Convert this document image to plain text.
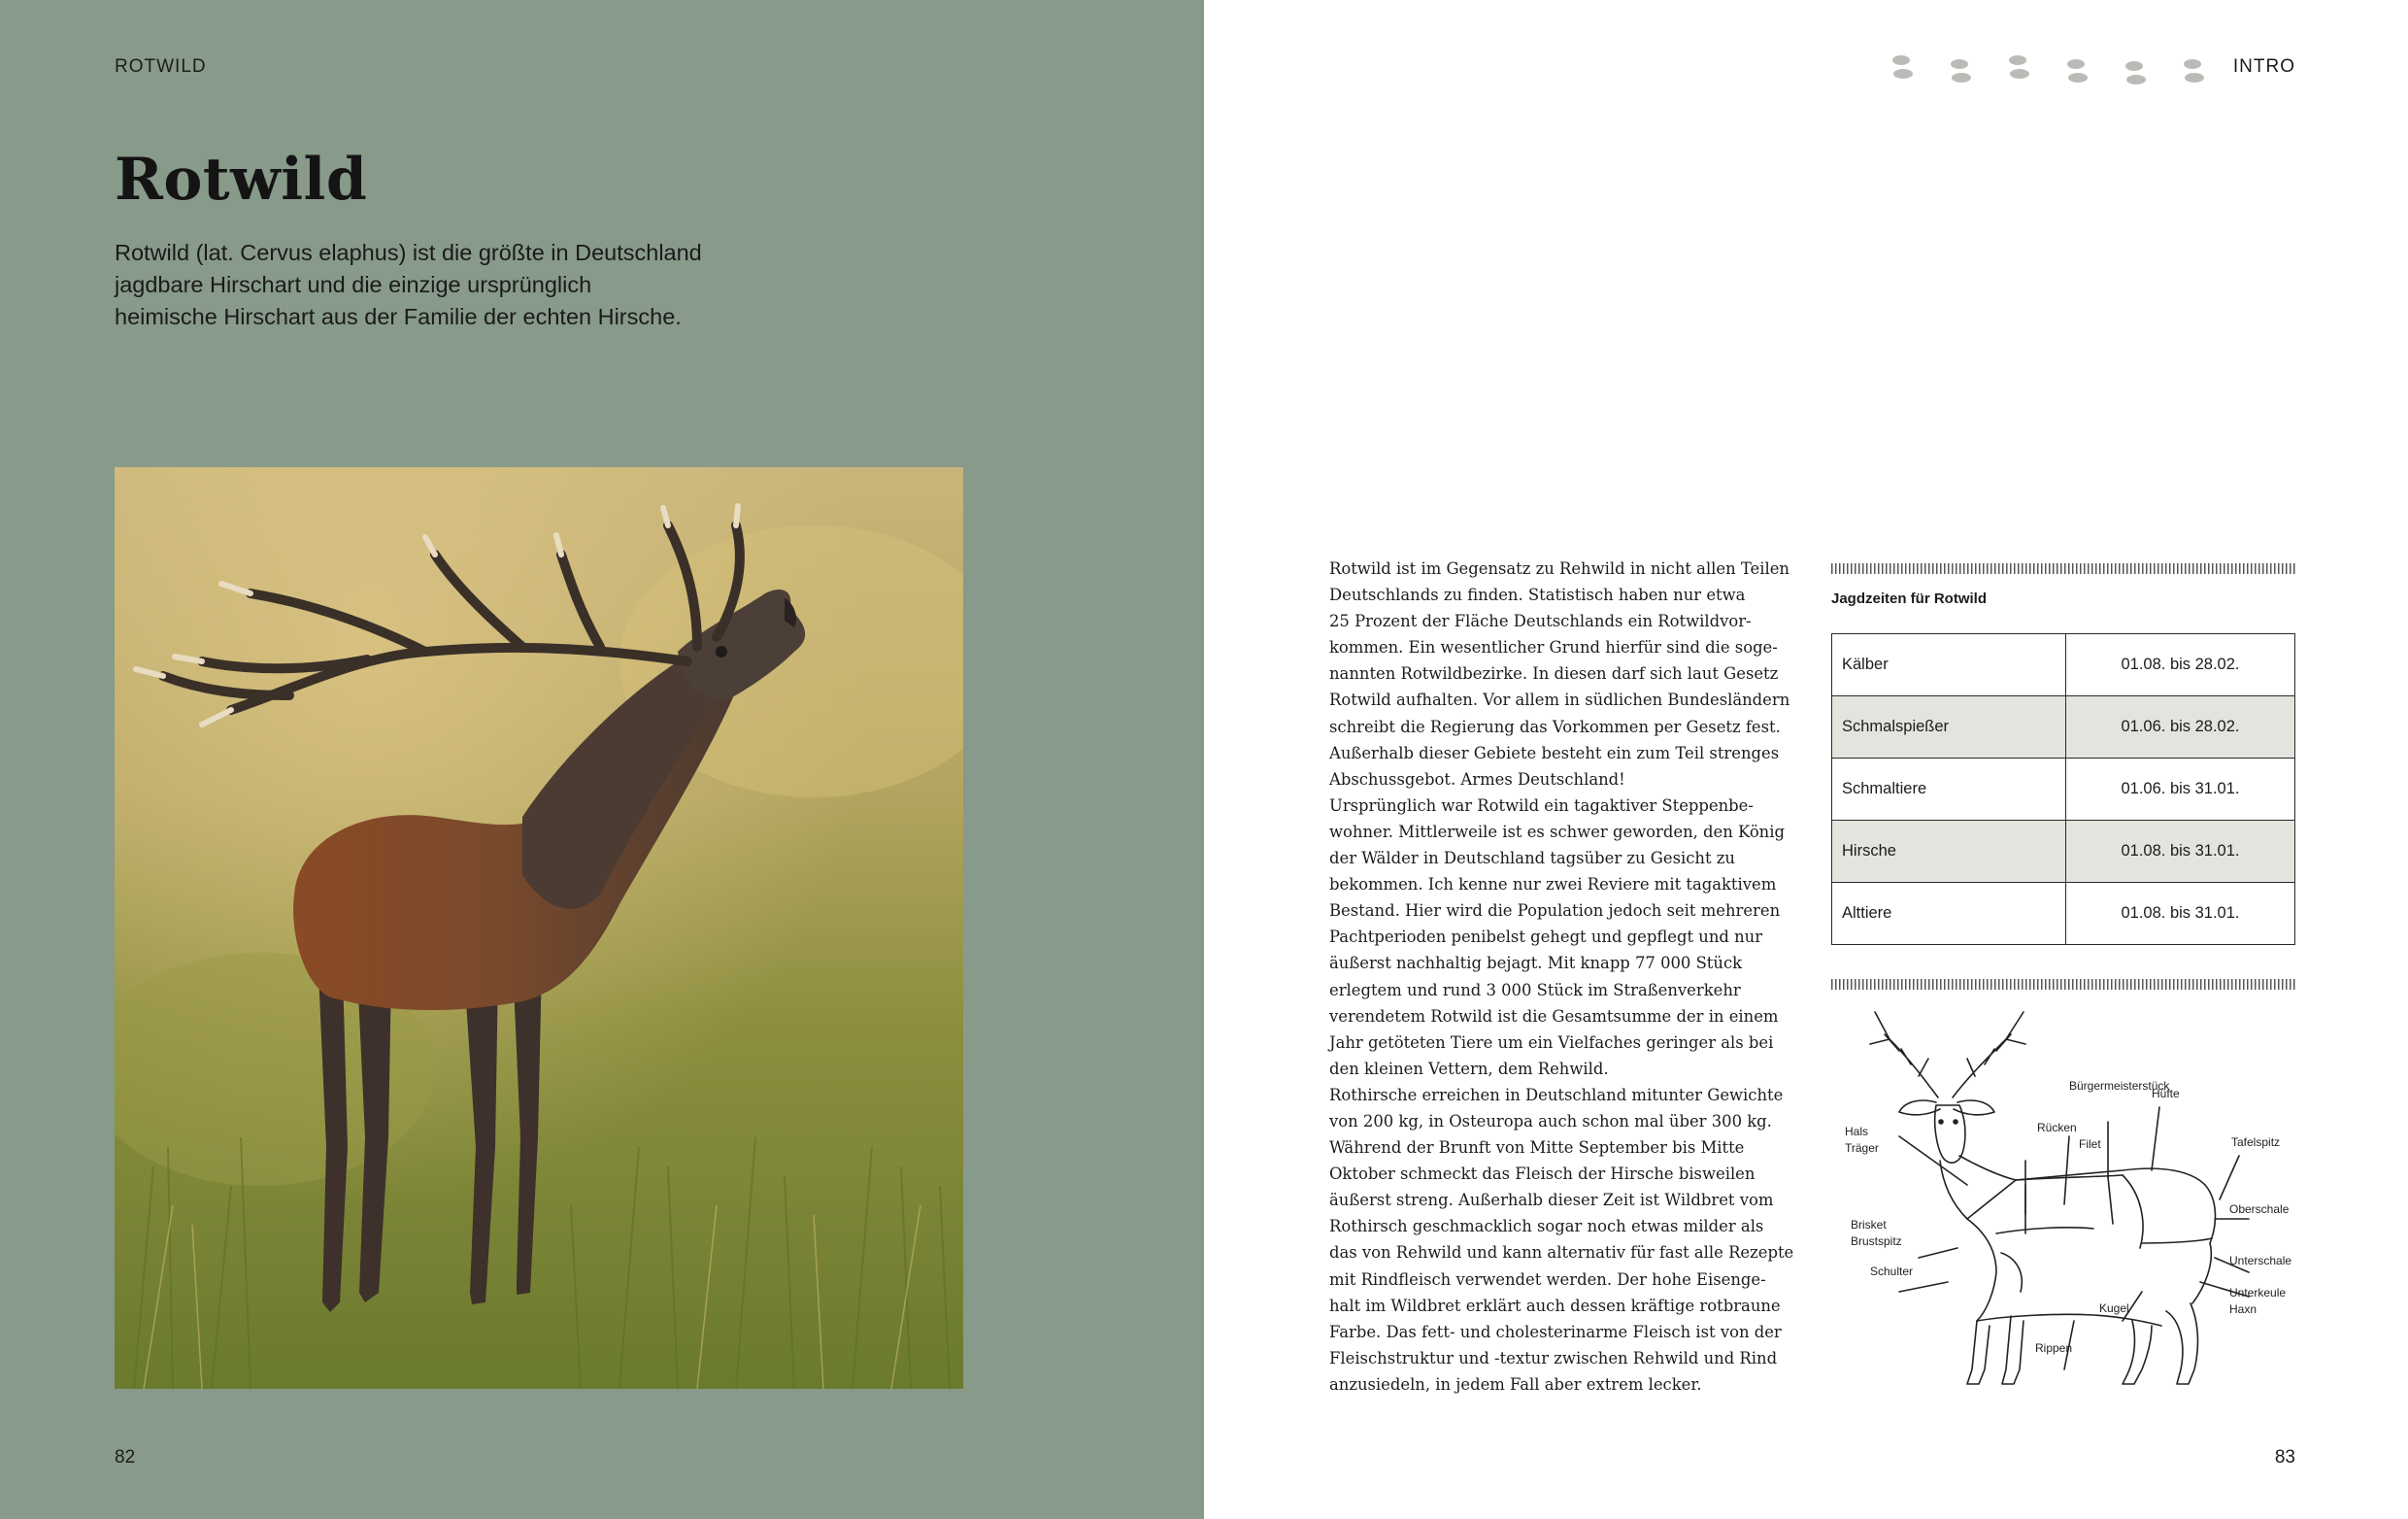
ROTWILD
Rotwild

Rotwild (lat. Cervus elaphus) ist die größte in Deutschland
jagdbare Hirschart und die einzige ursprünglich
heimische Hirschart aus der Familie der echten Hirsche.

82
INTRO

Rotwild ist im Gegensatz zu Rehwild in nicht allen Teilen
Deutschlands zu finden. Statistisch haben nur etwa
25 Prozent der Fläche Deutschlands ein Rotwildvor-
kommen. Ein wesentlicher Grund hierfür sind die soge-
nannten Rotwildbezirke. In diesen darf sich laut Gesetz
Rotwild aufhalten. Vor allem in südlichen Bundesländern
schreibt die Regierung das Vorkommen per Gesetz fest.
Außerhalb dieser Gebiete besteht ein zum Teil strenges
Abschussgebot. Armes Deutschland!
Ursprünglich war Rotwild ein tagaktiver Steppenbe-
wohner. Mittlerweile ist es schwer geworden, den König
der Wälder in Deutschland tagsüber zu Gesicht zu
bekommen. Ich kenne nur zwei Reviere mit tagaktivem
Bestand. Hier wird die Population jedoch seit mehreren
Pachtperioden penibelst gehegt und gepflegt und nur
äußerst nachhaltig bejagt. Mit knapp 77 000 Stück
erlegtem und rund 3 000 Stück im Straßenverkehr
verendetem Rotwild ist die Gesamtsumme der in einem
Jahr getöteten Tiere um ein Vielfaches geringer als bei
den kleinen Vettern, dem Rehwild.
Rothirsche erreichen in Deutschland mitunter Gewichte
von 200 kg, in Osteuropa auch schon mal über 300 kg.
Während der Brunft von Mitte September bis Mitte
Oktober schmeckt das Fleisch der Hirsche bisweilen
äußerst streng. Außerhalb dieser Zeit ist Wildbret vom
Rothirsch geschmacklich sogar noch etwas milder als
das von Rehwild und kann alternativ für fast alle Rezepte
mit Rindfleisch verwendet werden. Der hohe Eisenge-
halt im Wildbret erklärt auch dessen kräftige rotbraune
Farbe. Das fett- und cholesterinarme Fleisch ist von der
Fleischstruktur und -textur zwischen Rehwild und Rind
anzusiedeln, in jedem Fall aber extrem lecker.

Jagdzeiten für Rotwild
Kälber	01.08. bis 28.02.
Schmalspießer	01.06. bis 28.02.
Schmaltiere	01.06. bis 31.01.
Hirsche	01.08. bis 31.01.
Alttiere	01.08. bis 31.01.
Bürgermeisterstück
Hüfte
Rücken
Filet	Tafelspitz
Hals
Träger
Oberschale
Brisket
Brustspitz
Unterschale
Schulter
Unterkeule
Haxn
Kugel
Rippen
83
